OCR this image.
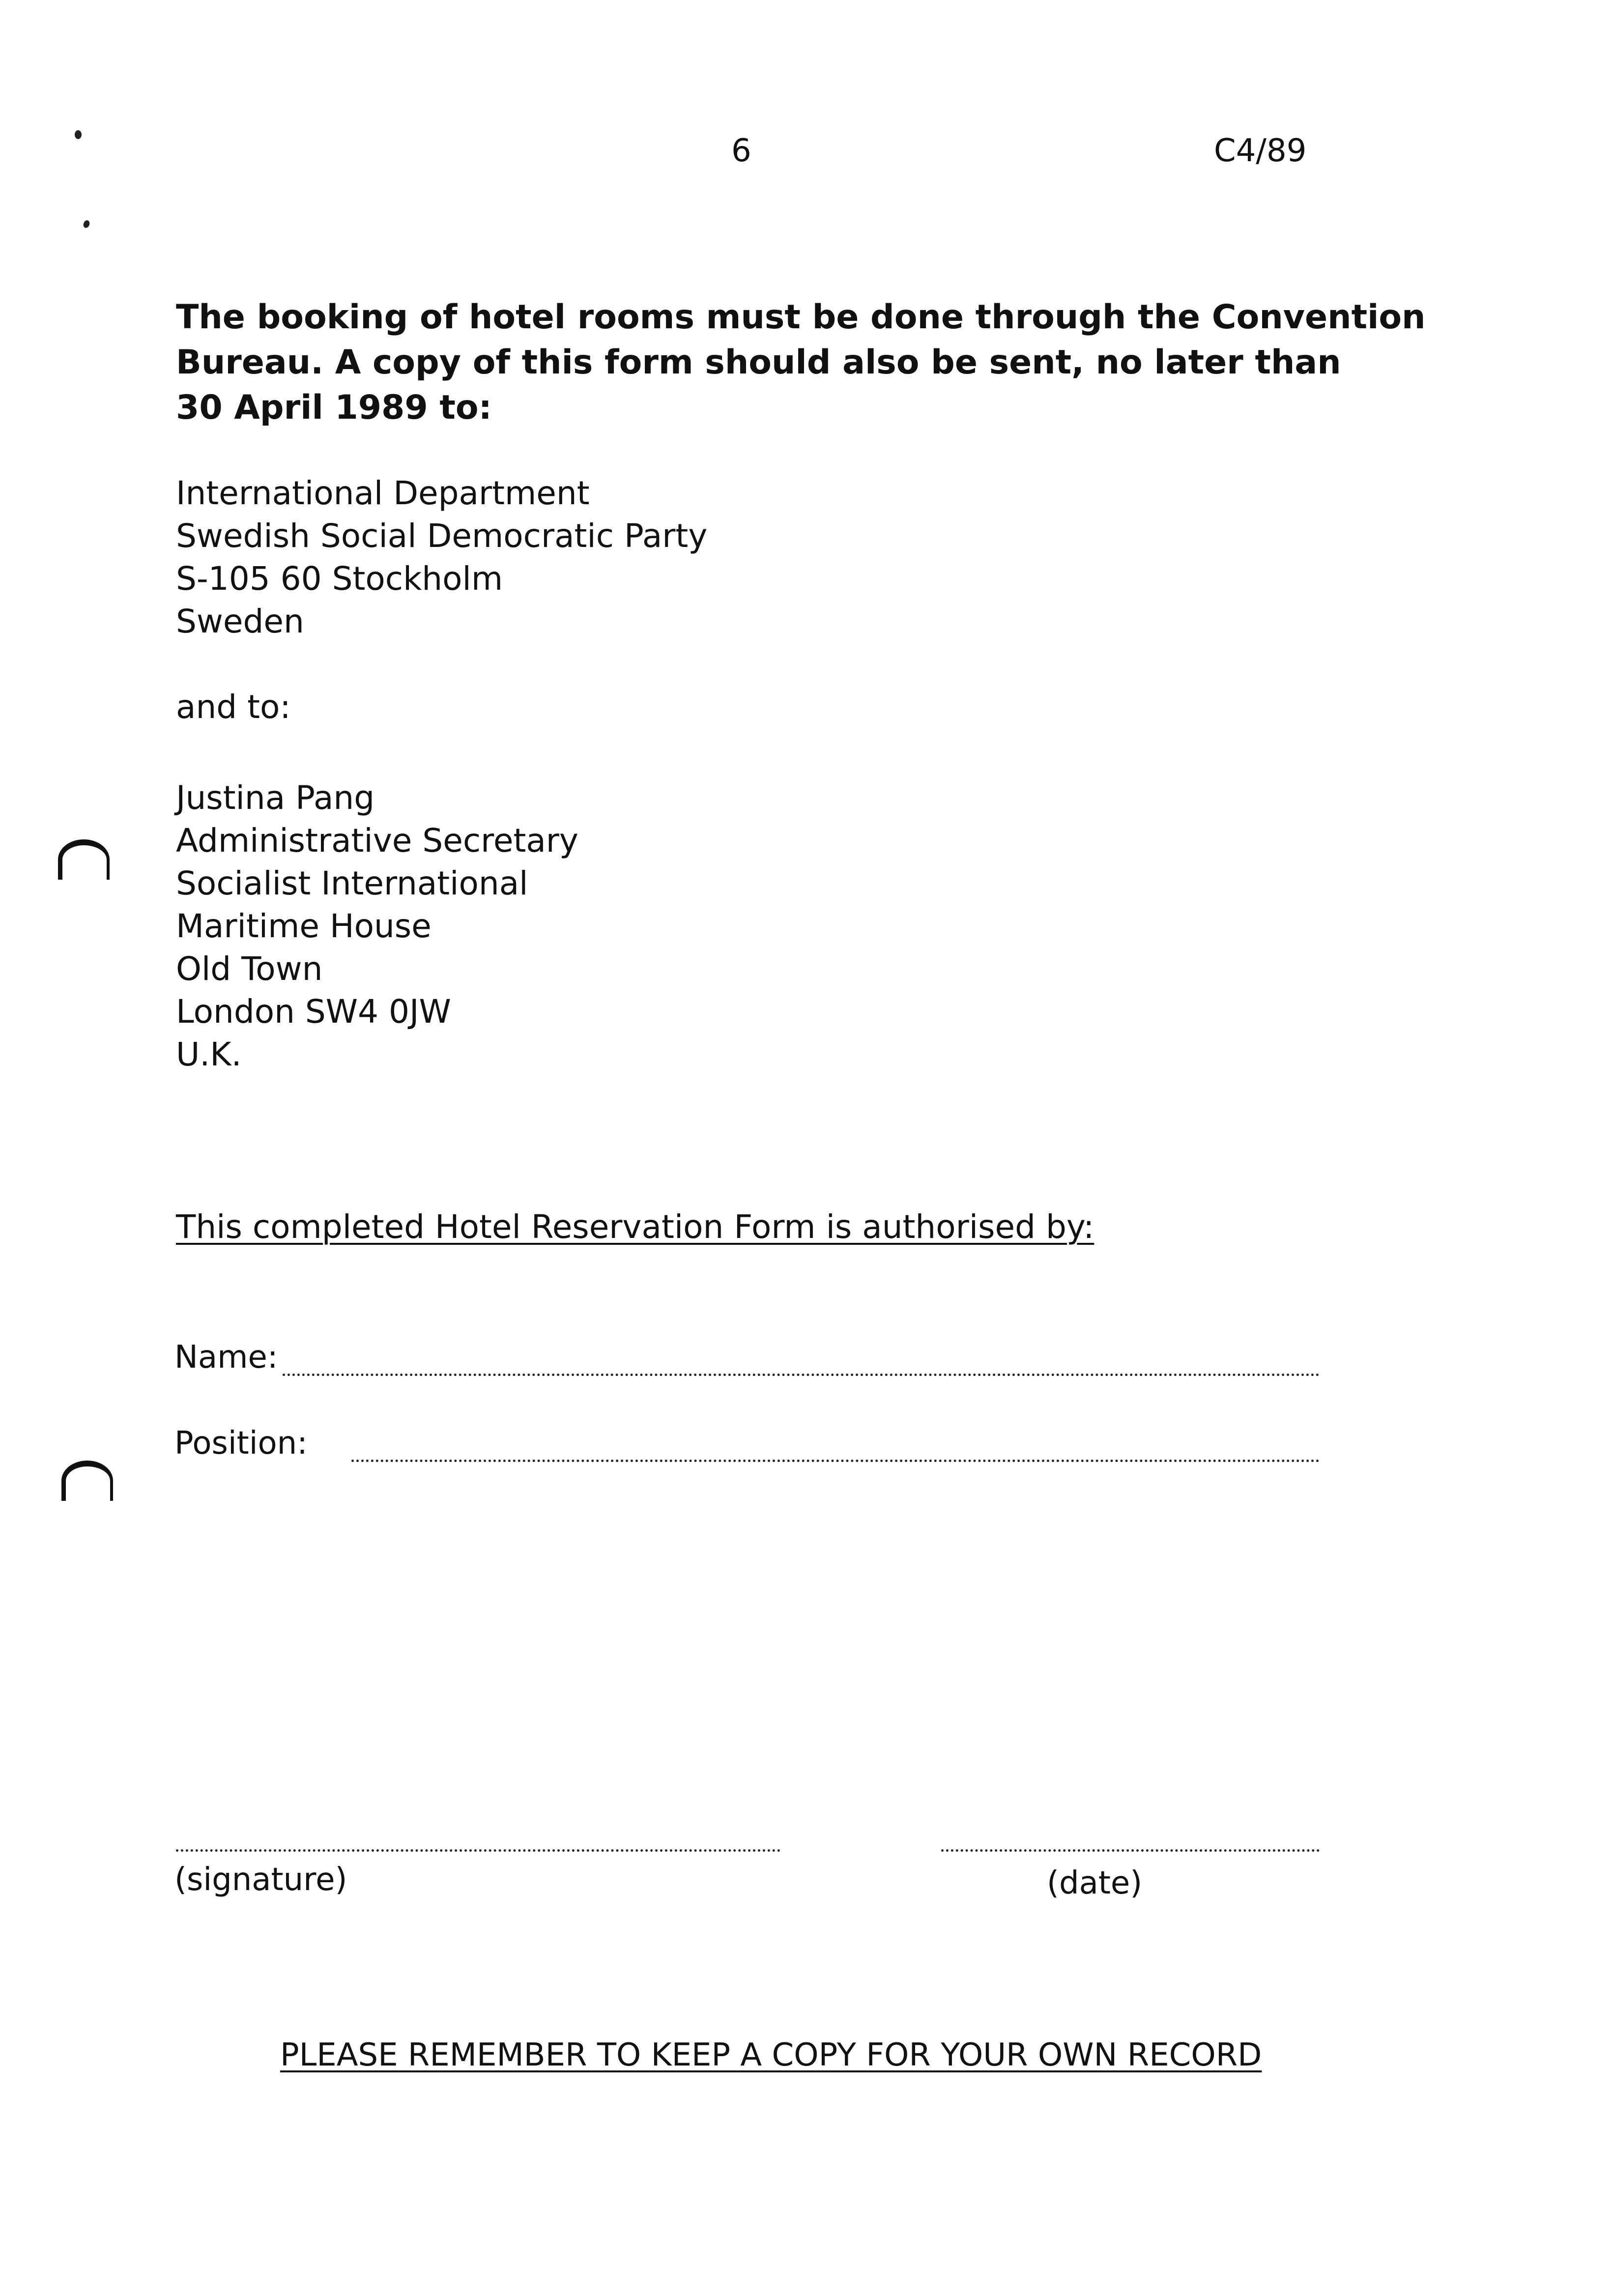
6	C4/89
The booking of hotel rooms must be done through the Convention
Bureau. A copy of this form should also be sent, no later than
30 April 1989 to:
International Department
Swedish Social Democratic Party
S-105 60 Stockholm
Sweden
and to:
Justina Pang
Administrative Secretary
Socialist International
Maritime House
Old Town
London SW4 0JW
U.K.
This completed Hotel Reservation Form is authorised by:
Name:
Position:
(signature)	(date)
PLEASE REMEMBER TO KEEP A COPY FOR YOUR OWN RECORD
